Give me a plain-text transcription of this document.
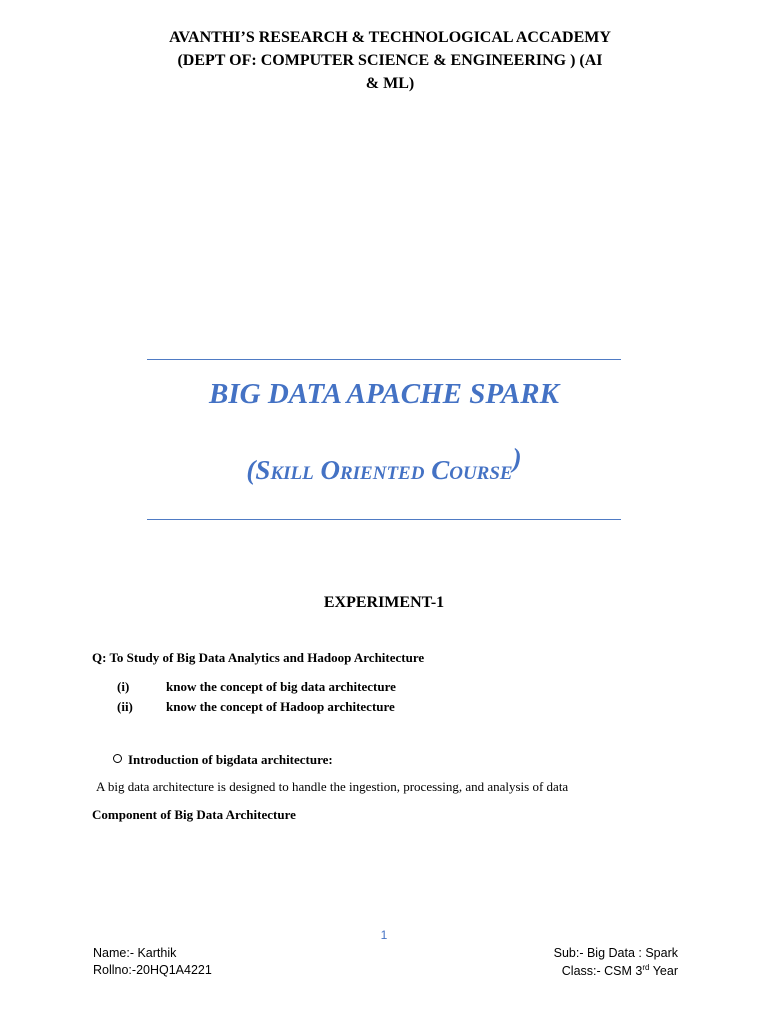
AVANTHI’S RESEARCH & TECHNOLOGICAL ACCADEMY
(DEPT OF: COMPUTER SCIENCE & ENGINEERING ) (AI
& ML)
BIG DATA APACHE SPARK
(Skill Oriented Course)
EXPERIMENT-1
Q: To Study of Big Data Analytics and Hadoop Architecture
(i)	know the concept of big data architecture
(ii)	know the concept of Hadoop architecture
Introduction of bigdata architecture:
A big data architecture is designed to handle the ingestion, processing, and analysis of data
Component of Big Data Architecture
1
Name:- Karthik
Rollno:-20HQ1A4221
Sub:- Big Data : Spark
Class:- CSM 3rd Year
